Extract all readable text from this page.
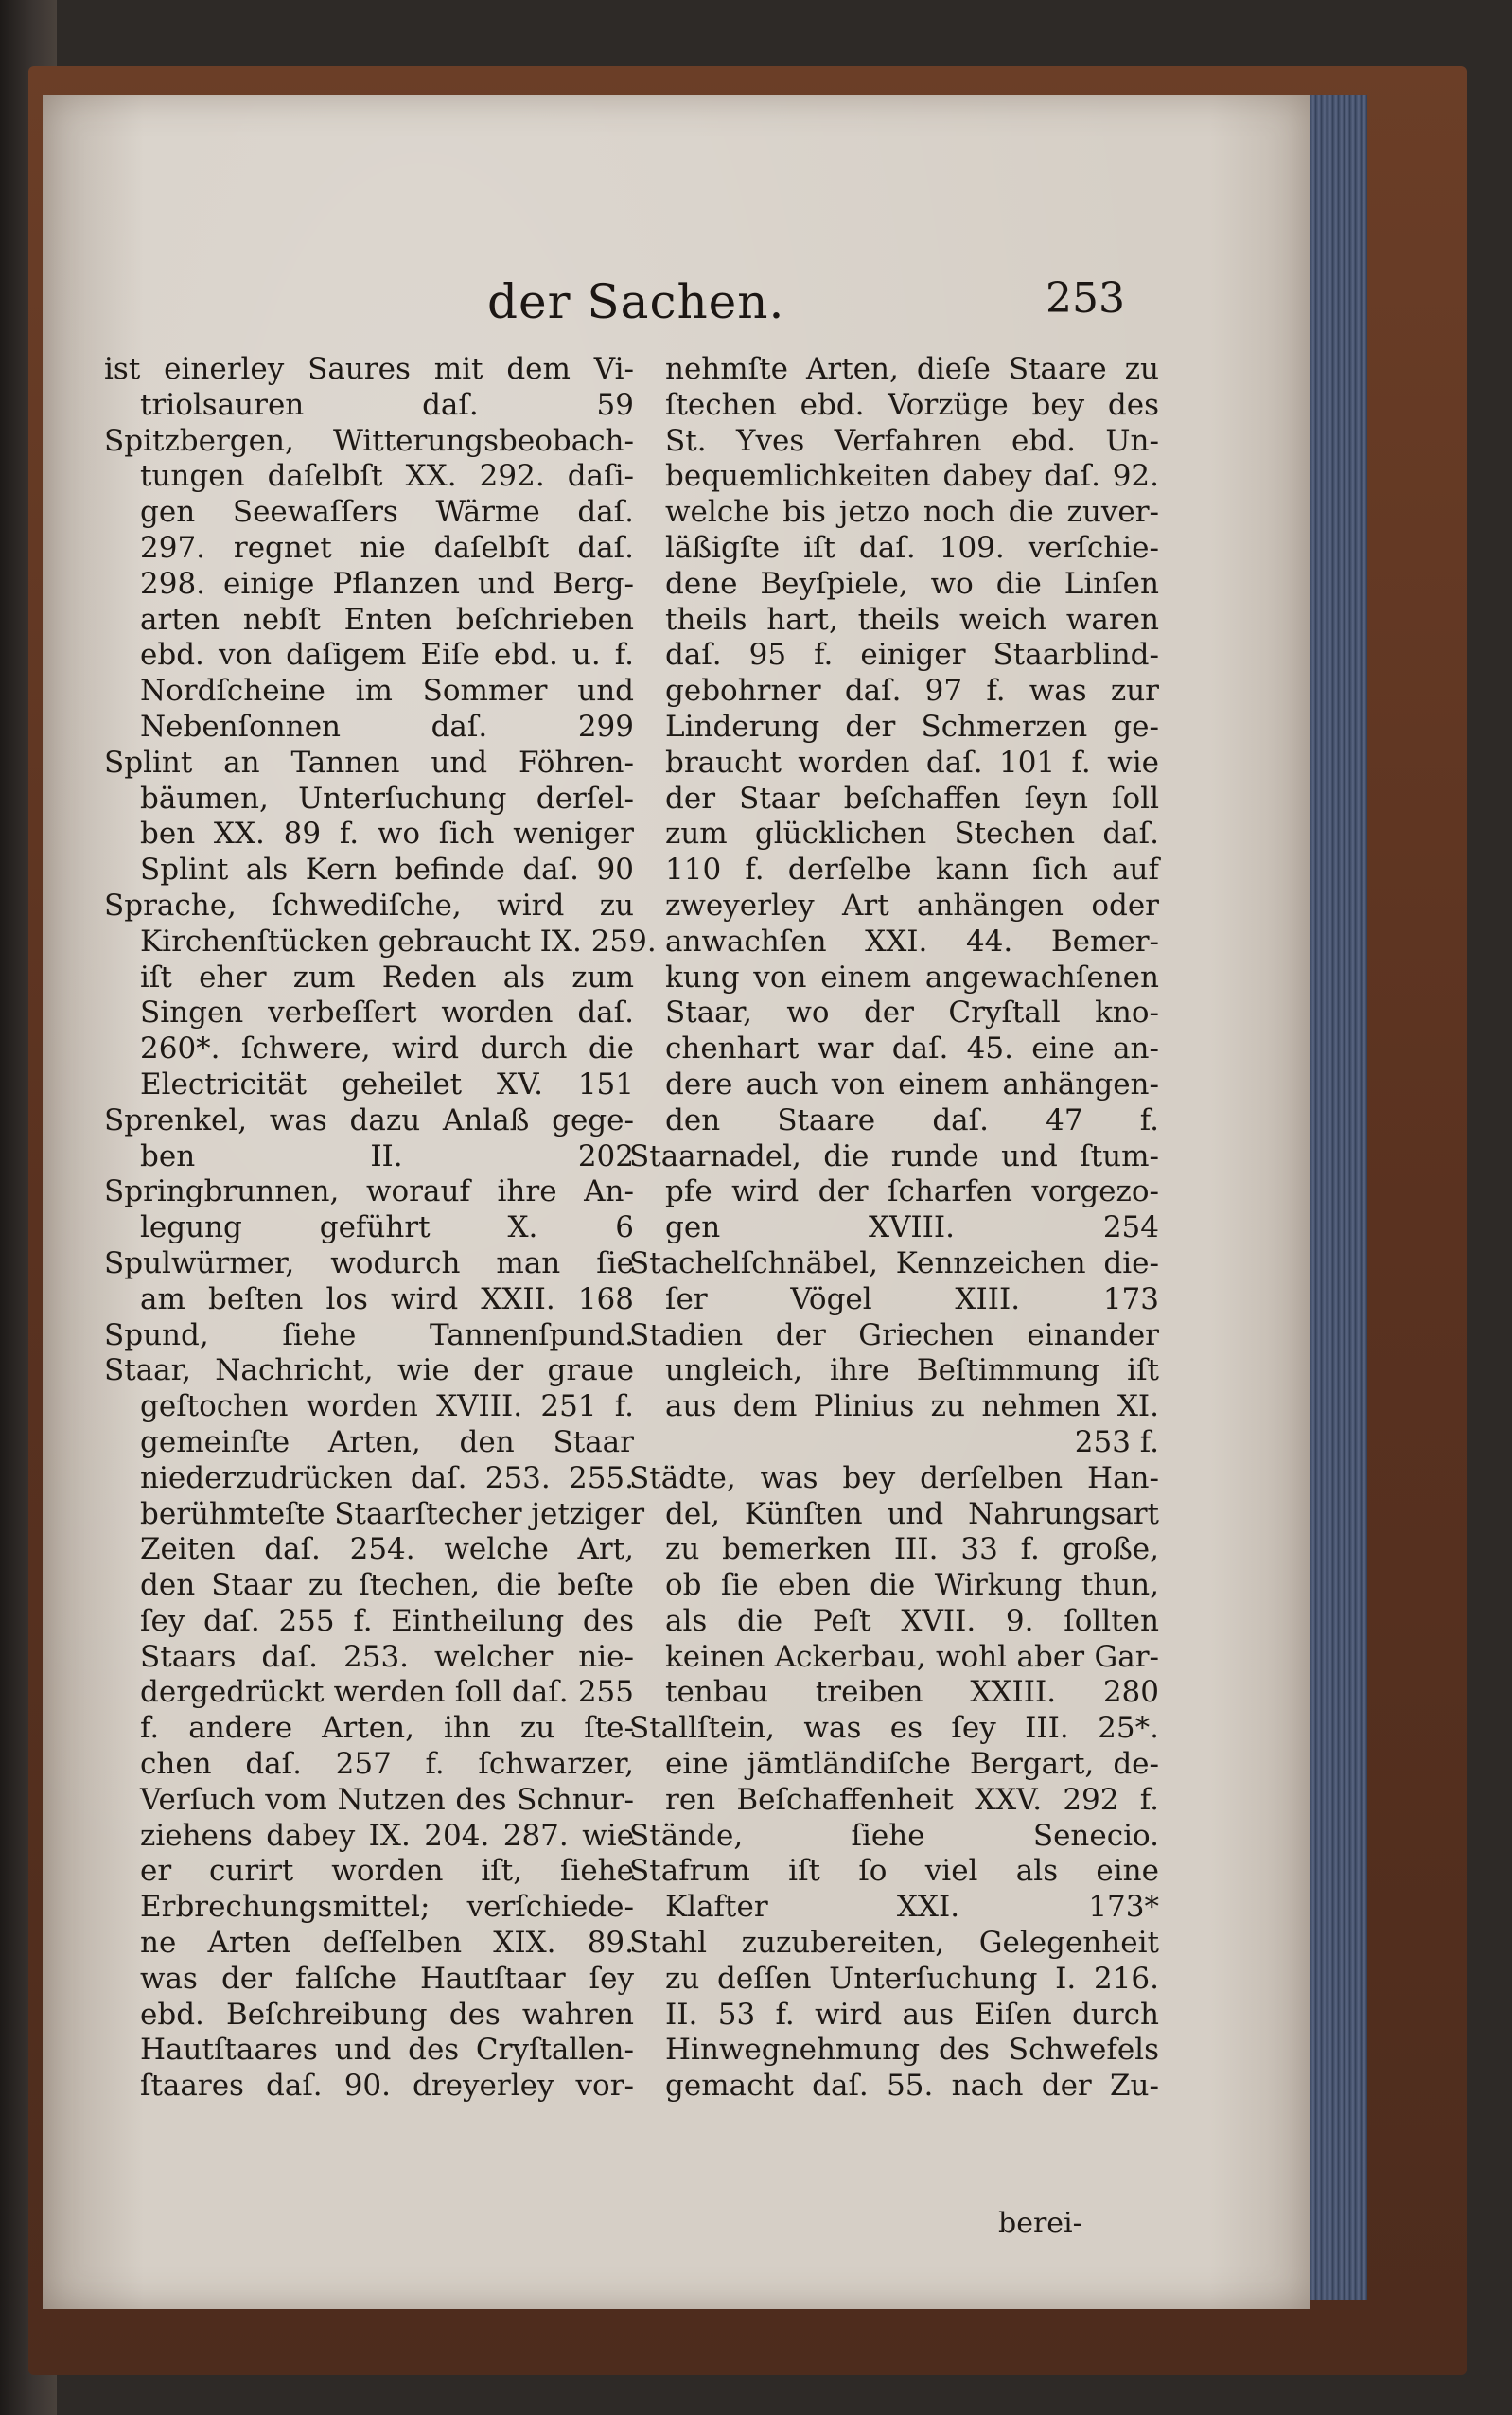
der Sachen.	253
ist einerley Saures mit dem Vi-
triolsauren daſ. 59
Spitzbergen, Witterungsbeobach-
tungen daſelbſt XX. 292. daſi-
gen Seewaſſers Wärme daſ.
297. regnet nie daſelbſt daſ.
298. einige Pflanzen und Berg-
arten nebſt Enten beſchrieben
ebd. von daſigem Eiſe ebd. u. f.
Nordſcheine im Sommer und
Nebenſonnen daſ. 299
Splint an Tannen und Föhren-
bäumen, Unterſuchung derſel-
ben XX. 89 f. wo ſich weniger
Splint als Kern befinde daſ. 90
Sprache, ſchwediſche, wird zu
Kirchenſtücken gebraucht IX. 259.
iſt eher zum Reden als zum
Singen verbeſſert worden daſ.
260*. ſchwere, wird durch die
Electricität geheilet XV. 151
Sprenkel, was dazu Anlaß gege-
ben II. 202
Springbrunnen, worauf ihre An-
legung geführt X. 6
Spulwürmer, wodurch man ſie
am beſten los wird XXII. 168
Spund, ſiehe Tannenſpund.
Staar, Nachricht, wie der graue
geſtochen worden XVIII. 251 f.
gemeinſte Arten, den Staar
niederzudrücken daſ. 253. 255.
berühmteſte Staarſtecher jetziger
Zeiten daſ. 254. welche Art,
den Staar zu ſtechen, die beſte
ſey daſ. 255 f. Eintheilung des
Staars daſ. 253. welcher nie-
dergedrückt werden ſoll daſ. 255
f. andere Arten, ihn zu ſte-
chen daſ. 257 f. ſchwarzer,
Verſuch vom Nutzen des Schnur-
ziehens dabey IX. 204. 287. wie
er curirt worden iſt, ſiehe
Erbrechungsmittel; verſchiede-
ne Arten deſſelben XIX. 89.
was der falſche Hautſtaar ſey
ebd. Beſchreibung des wahren
Hautſtaares und des Cryſtallen-
ſtaares daſ. 90. dreyerley vor-
nehmſte Arten, dieſe Staare zu
ſtechen ebd. Vorzüge bey des
St. Yves Verfahren ebd. Un-
bequemlichkeiten dabey daſ. 92.
welche bis jetzo noch die zuver-
läßigſte iſt daſ. 109. verſchie-
dene Beyſpiele, wo die Linſen
theils hart, theils weich waren
daſ. 95 f. einiger Staarblind-
gebohrner daſ. 97 f. was zur
Linderung der Schmerzen ge-
braucht worden daſ. 101 f. wie
der Staar beſchaffen ſeyn ſoll
zum glücklichen Stechen daſ.
110 f. derſelbe kann ſich auf
zweyerley Art anhängen oder
anwachſen XXI. 44. Bemer-
kung von einem angewachſenen
Staar, wo der Cryſtall kno-
chenhart war daſ. 45. eine an-
dere auch von einem anhängen-
den Staare daſ. 47 f.
Staarnadel, die runde und ſtum-
pfe wird der ſcharfen vorgezo-
gen XVIII. 254
Stachelſchnäbel, Kennzeichen die-
ſer Vögel XIII. 173
Stadien der Griechen einander
ungleich, ihre Beſtimmung iſt
aus dem Plinius zu nehmen XI.
253 f.
Städte, was bey derſelben Han-
del, Künſten und Nahrungsart
zu bemerken III. 33 f. große,
ob ſie eben die Wirkung thun,
als die Peſt XVII. 9. ſollten
keinen Ackerbau, wohl aber Gar-
tenbau treiben XXIII. 280
Stallſtein, was es ſey III. 25*.
eine jämtländiſche Bergart, de-
ren Beſchaffenheit XXV. 292 f.
Stände, ſiehe Senecio.
Stafrum iſt ſo viel als eine
Klafter XXI. 173*
Stahl zuzubereiten, Gelegenheit
zu deſſen Unterſuchung I. 216.
II. 53 f. wird aus Eiſen durch
Hinwegnehmung des Schwefels
gemacht daſ. 55. nach der Zu-
berei-
